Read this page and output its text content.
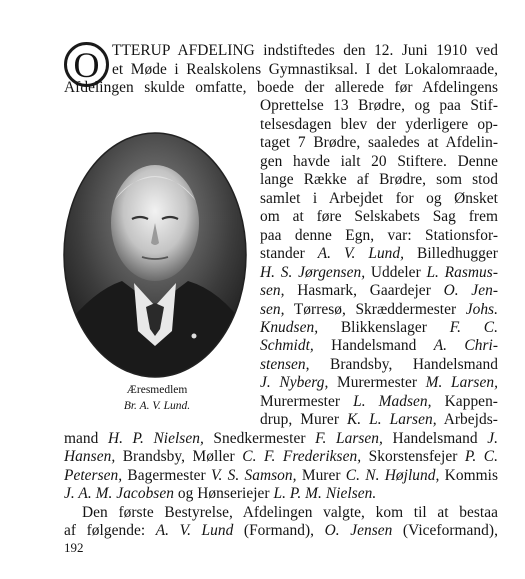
O TTERUP AFDELING indstiftedes den 12. Juni 1910 ved
et Møde i Realskolens Gymnastiksal. I det Lokalomraade,
Afdelingen skulde omfatte, boede der allerede før Afdelingens
Oprettelse 13 Brødre, og paa Stif-
telsesdagen blev der yderligere op-
taget 7 Brødre, saaledes at Afdelin-
gen havde ialt 20 Stiftere. Denne
lange Række af Brødre, som stod
samlet i Arbejdet for og Ønsket
om at føre Selskabets Sag frem
paa denne Egn, var: Stationsfor-
stander A. V. Lund, Billedhugger
H. S. Jørgensen, Uddeler L. Rasmus-
sen, Hasmark, Gaardejer O. Jen-
sen, Tørresø, Skræddermester Johs.
Knudsen, Blikkenslager F. C.
Schmidt, Handelsmand A. Chri-
stensen, Brandsby, Handelsmand
J. Nyberg, Murermester M. Larsen,
Murermester L. Madsen, Kappen-
drup, Murer K. L. Larsen, Arbejds-
mand H. P. Nielsen, Snedkermester F. Larsen, Handelsmand J.
Hansen, Brandsby, Møller C. F. Frederiksen, Skorstensfejer P. C.
Petersen, Bagermester V. S. Samson, Murer C. N. Højlund, Kommis
J. A. M. Jacobsen og Hønseriejer L. P. M. Nielsen.
Den første Bestyrelse, Afdelingen valgte, kom til at bestaa
af følgende: A. V. Lund (Formand), O. Jensen (Viceformand),
Æresmedlem
Br. A. V. Lund.
192
